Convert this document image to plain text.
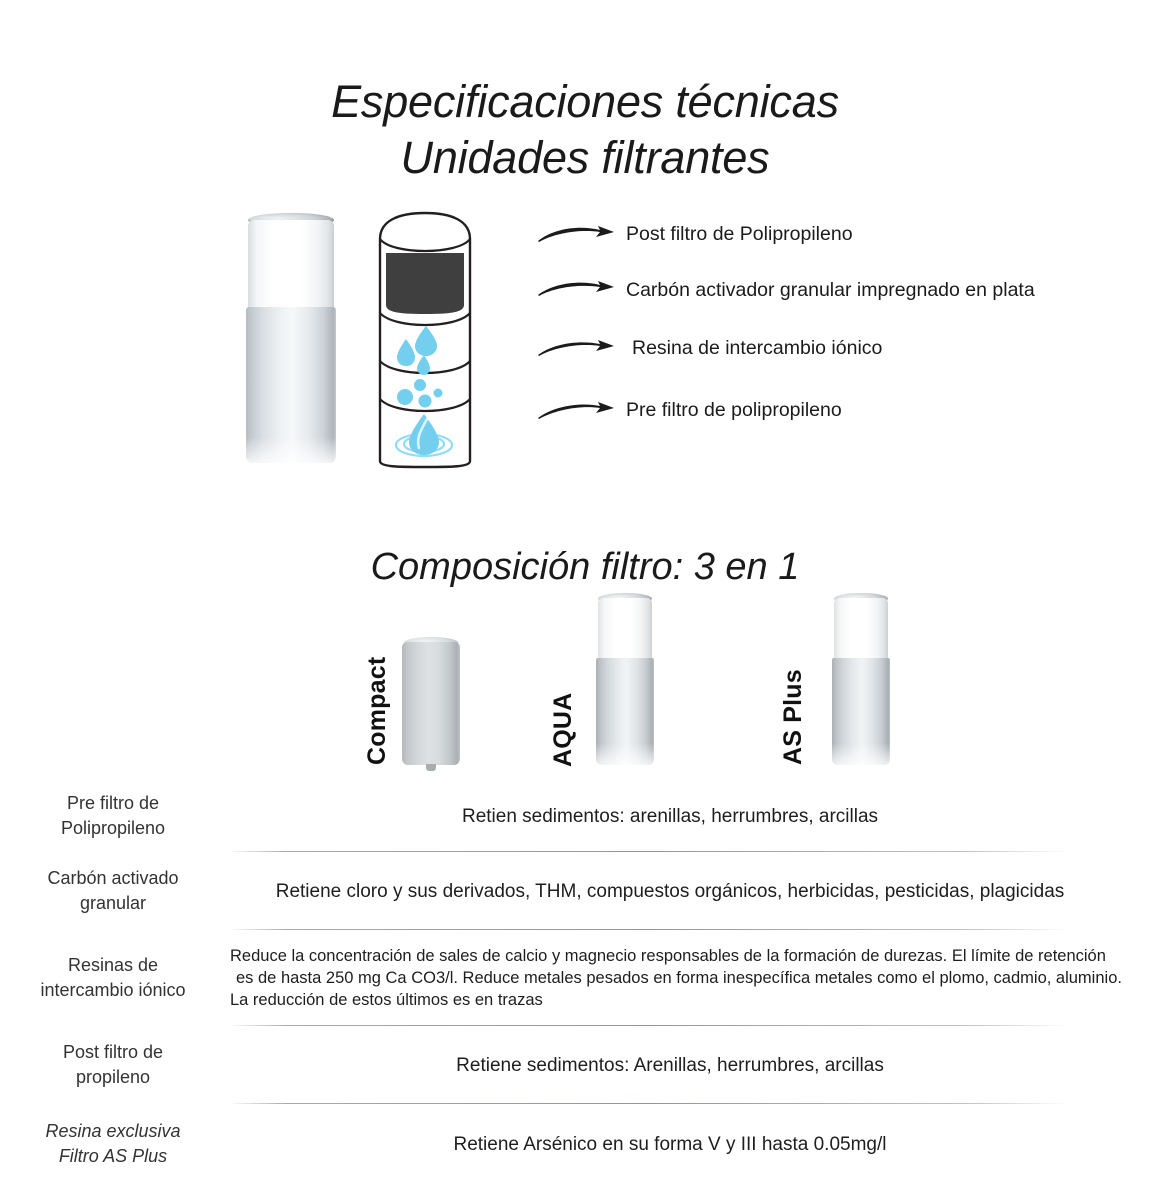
Especificaciones técnicas
Unidades filtrantes
Post filtro de Polipropileno
Carbón activador granular impregnado en plata
Resina de intercambio iónico
Pre filtro de polipropileno
Composición filtro: 3 en 1
Compact	AQUA	AS Plus
Pre filtro de
Polipropileno
Retien sedimentos: arenillas, herrumbres, arcillas
Carbón activado
granular
Retiene cloro y sus derivados, THM, compuestos orgánicos, herbicidas, pesticidas, plagicidas
Resinas de
intercambio iónico
Reduce la concentración de sales de calcio y magnecio responsables de la formación de durezas. El límite de retención
es de hasta 250 mg Ca CO3/l. Reduce metales pesados en forma inespecífica metales como el plomo, cadmio, aluminio.
La reducción de estos últimos es en trazas
Post filtro de
propileno
Retiene sedimentos: Arenillas, herrumbres, arcillas
Resina exclusiva
Filtro AS Plus
Retiene Arsénico en su forma V y III hasta 0.05mg/l
